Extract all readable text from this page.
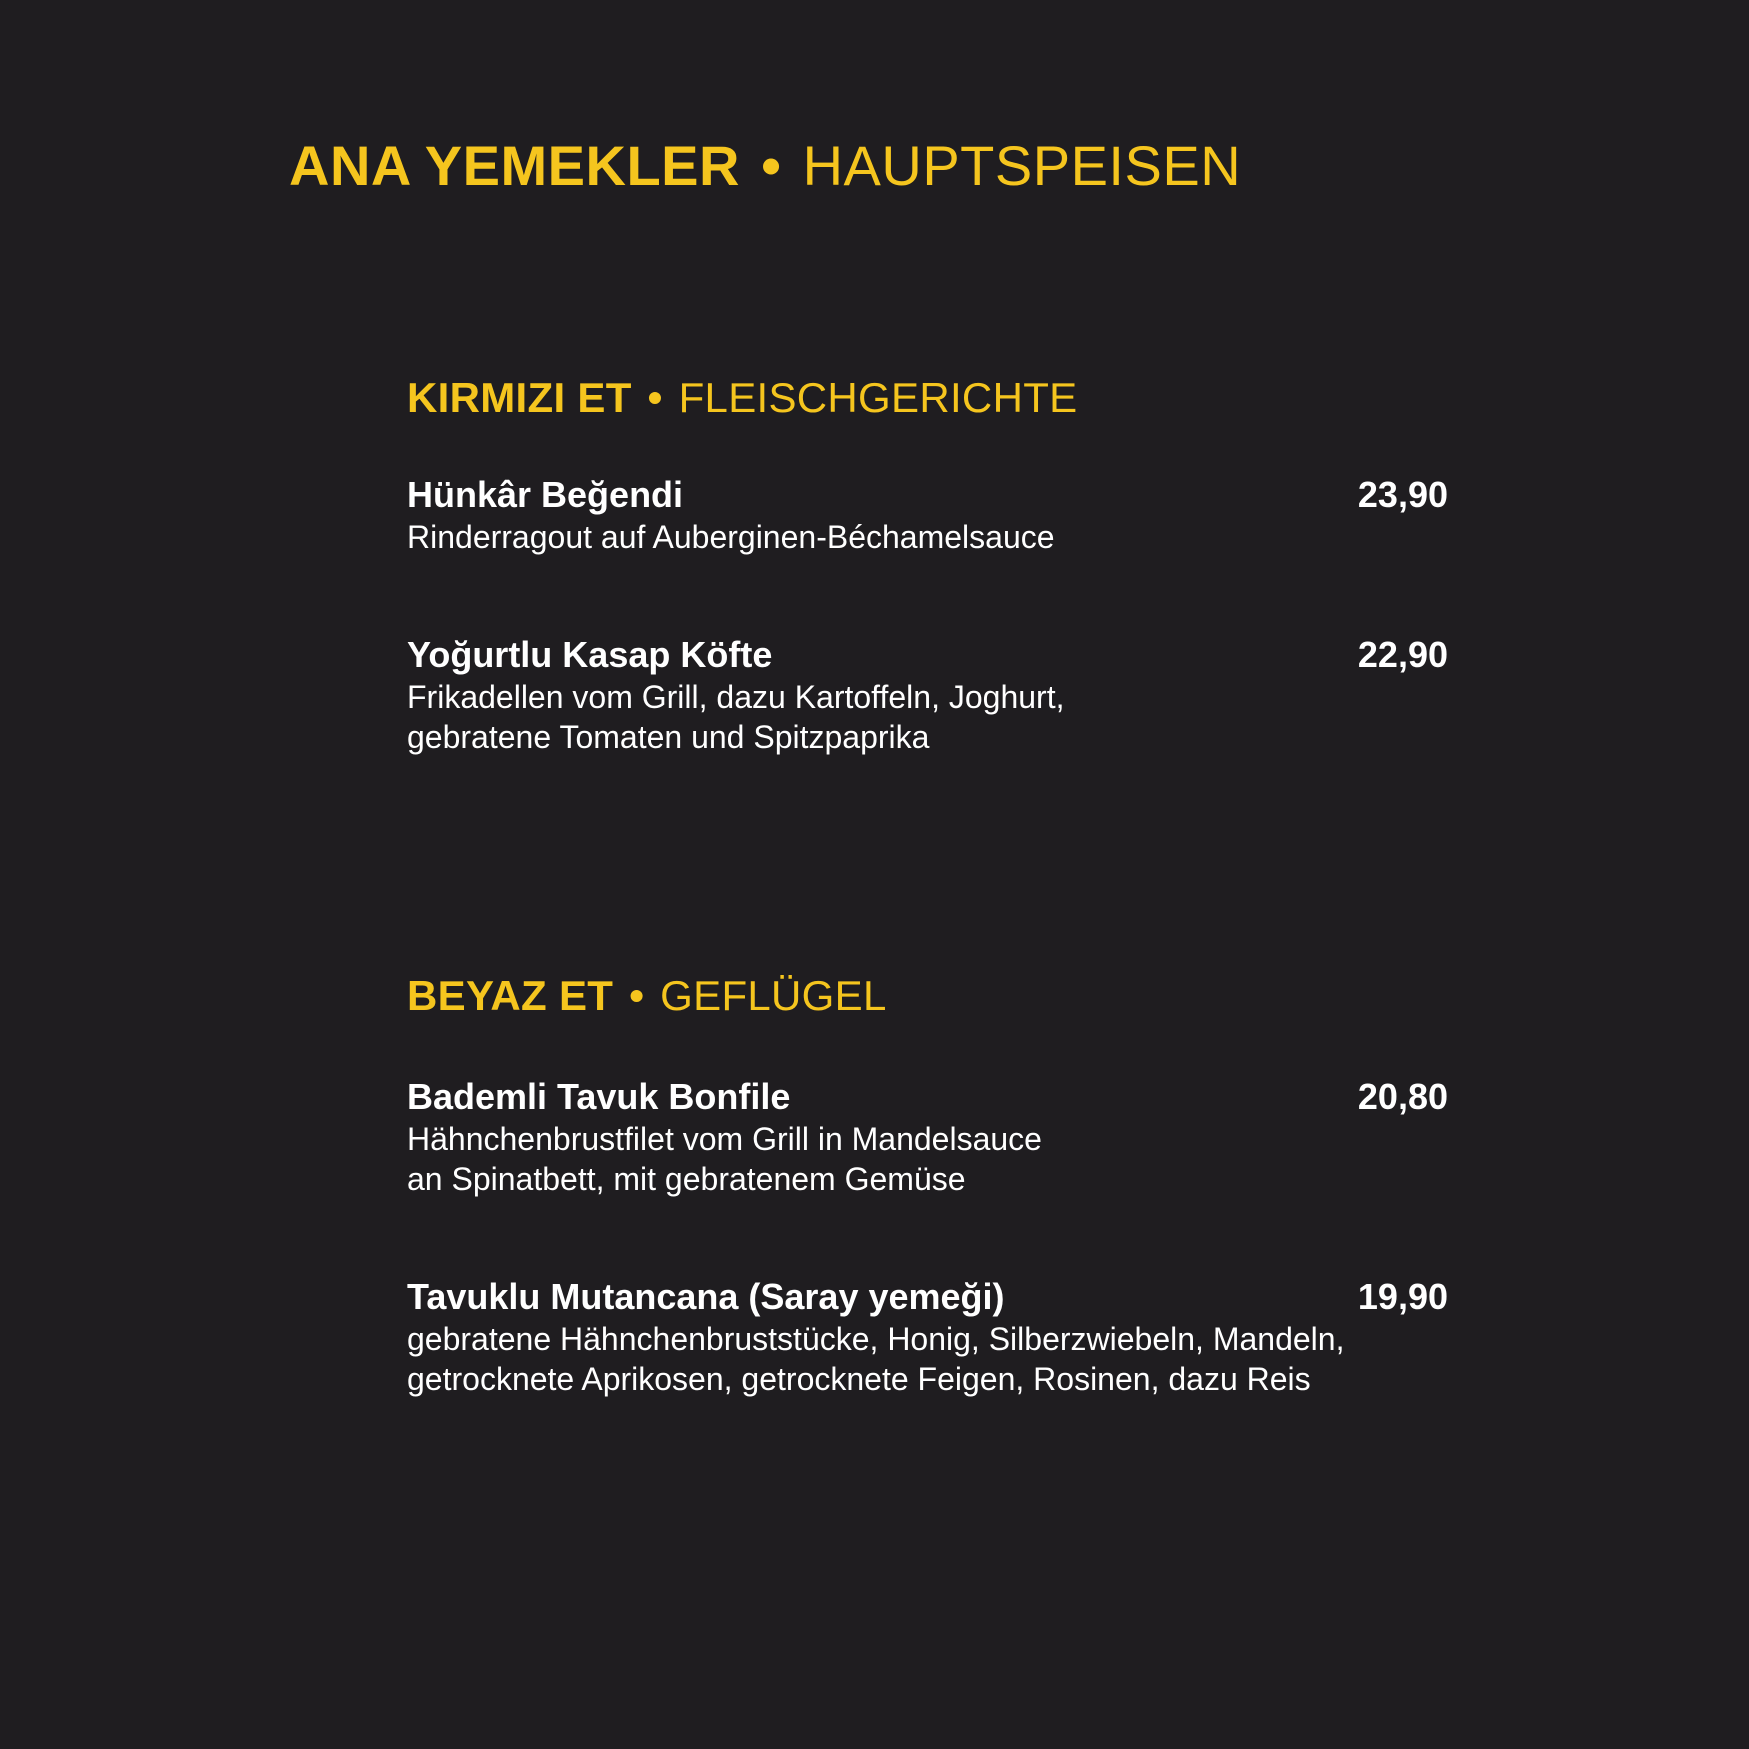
ANA YEMEKLER • HAUPTSPEISEN
KIRMIZI ET • FLEISCHGERICHTE
Hünkâr Beğendi
Rinderragout auf Auberginen-Béchamelsauce
23,90
Yoğurtlu Kasap Köfte
Frikadellen vom Grill, dazu Kartoffeln, Joghurt,
gebratene Tomaten und Spitzpaprika
22,90
BEYAZ ET • GEFLÜGEL
Bademli Tavuk Bonfile
Hähnchenbrustfilet vom Grill in Mandelsauce
an Spinatbett, mit gebratenem Gemüse
20,80
Tavuklu Mutancana (Saray yemeği)
gebratene Hähnchenbruststücke, Honig, Silberzwiebeln, Mandeln,
getrocknete Aprikosen, getrocknete Feigen, Rosinen, dazu Reis
19,90
